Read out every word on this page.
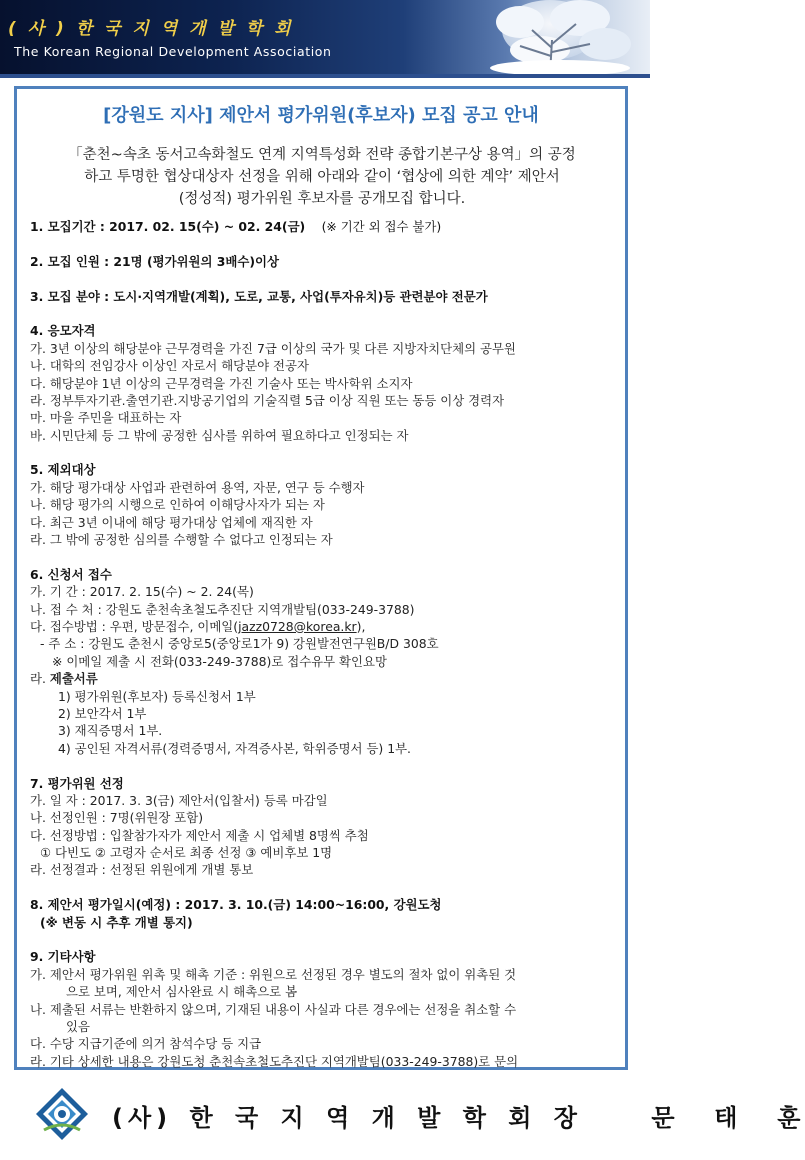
( 사 ) 한 국 지 역 개 발 학 회
The Korean Regional Development Association
[강원도 지사] 제안서 평가위원(후보자) 모집 공고 안내
「춘천~속초 동서고속화철도 연계 지역특성화 전략 종합기본구상 용역」의 공정
하고 투명한 협상대상자 선정을 위해 아래와 같이 ‘협상에 의한 계약’ 제안서
(정성적) 평가위원 후보자를 공개모집 합니다.
1. 모집기간 : 2017. 02. 15(수) ~ 02. 24(금) (※ 기간 외 접수 불가)
2. 모집 인원 : 21명 (평가위원의 3배수)이상
3. 모집 분야 : 도시·지역개발(계획), 도로, 교통, 사업(투자유치)등 관련분야 전문가
4. 응모자격
가. 3년 이상의 해당분야 근무경력을 가진 7급 이상의 국가 및 다른 지방자치단체의 공무원
나. 대학의 전임강사 이상인 자로서 해당분야 전공자
다. 해당분야 1년 이상의 근무경력을 가진 기술사 또는 박사학위 소지자
라. 정부투자기관.출연기관.지방공기업의 기술직렬 5급 이상 직원 또는 동등 이상 경력자
마. 마을 주민을 대표하는 자
바. 시민단체 등 그 밖에 공정한 심사를 위하여 필요하다고 인정되는 자
5. 제외대상
가. 해당 평가대상 사업과 관련하여 용역, 자문, 연구 등 수행자
나. 해당 평가의 시행으로 인하여 이해당사자가 되는 자
다. 최근 3년 이내에 해당 평가대상 업체에 재직한 자
라. 그 밖에 공정한 심의를 수행할 수 없다고 인정되는 자
6. 신청서 접수
가. 기 간 : 2017. 2. 15(수) ~ 2. 24(목)
나. 접 수 처 : 강원도 춘천속초철도추진단 지역개발팀(033-249-3788)
다. 접수방법 : 우편, 방문접수, 이메일(jazz0728@korea.kr),
- 주 소 : 강원도 춘천시 중앙로5(중앙로1가 9) 강원발전연구원B/D 308호
※ 이메일 제출 시 전화(033-249-3788)로 접수유무 확인요망
라. 제출서류
1) 평가위원(후보자) 등록신청서 1부
2) 보안각서 1부
3) 재직증명서 1부.
4) 공인된 자격서류(경력증명서, 자격증사본, 학위증명서 등) 1부.
7. 평가위원 선정
가. 일 자 : 2017. 3. 3(금) 제안서(입찰서) 등록 마감일
나. 선정인원 : 7명(위원장 포함)
다. 선정방법 : 입찰참가자가 제안서 제출 시 업체별 8명씩 추첨
① 다빈도 ② 고령자 순서로 최종 선정 ③ 예비후보 1명
라. 선정결과 : 선정된 위원에게 개별 통보
8. 제안서 평가일시(예정) : 2017. 3. 10.(금) 14:00~16:00, 강원도청
(※ 변동 시 추후 개별 통지)
9. 기타사항
가. 제안서 평가위원 위촉 및 해촉 기준 : 위원으로 선정된 경우 별도의 절차 없이 위촉된 것
으로 보며, 제안서 심사완료 시 해촉으로 봄
나. 제출된 서류는 반환하지 않으며, 기재된 내용이 사실과 다른 경우에는 선정을 취소할 수
있음
다. 수당 지급기준에 의거 참석수당 등 지급
라. 기타 상세한 내용은 강원도청 춘천속초철도추진단 지역개발팀(033-249-3788)로 문의
(사) 한 국 지 역 개 발 학 회 장    문  태  훈
